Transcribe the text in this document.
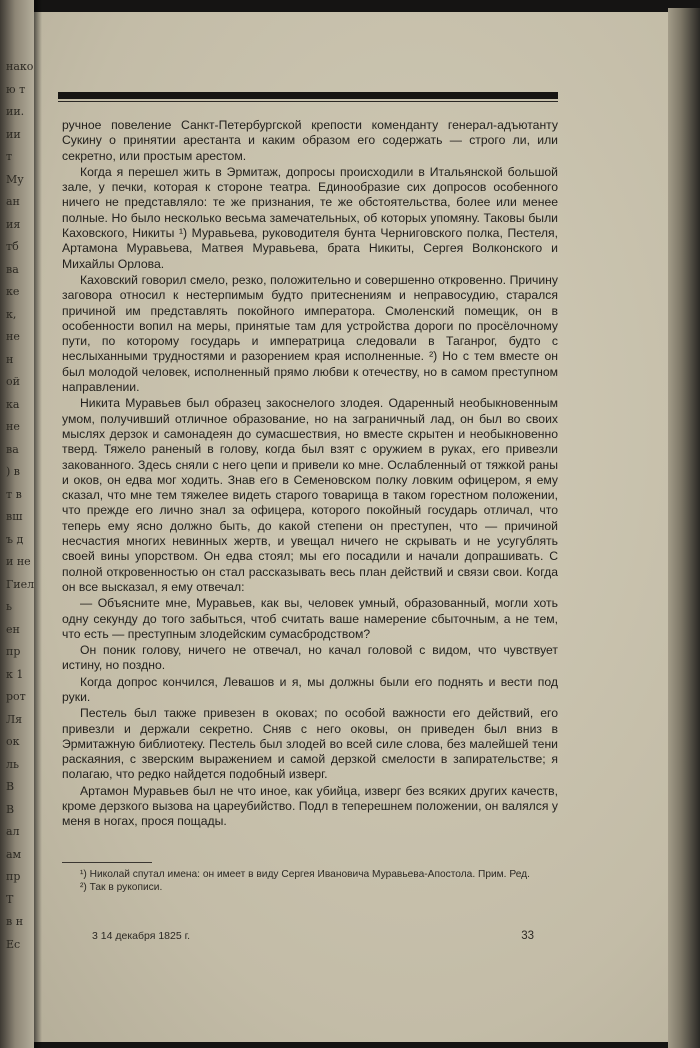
нако
ю т
ии.
ии
т
Му
ан
ия
тб
ва
ке
к,
не
н
ой
ка
не
ва
) в
т в
вш
ъ д
и не
Гиел
ь
ен
пр
к 1
рот
Ля
ок
ль
В
В
ал
ам
пр
Т
в н
Ес

ручное повеление Санкт-Петербургской крепости коменданту генерал-адъютанту Сукину о принятии арестанта и каким образом его содержать — строго ли, или секретно, или простым арестом.

Когда я перешел жить в Эрмитаж, допросы происходили в Итальянской большой зале, у печки, которая к стороне театра. Единообразие сих допросов особенного ничего не представляло: те же признания, те же обстоятельства, более или менее полные. Но было несколько весьма замечательных, об которых упомяну. Таковы были Каховского, Никиты ¹) Муравьева, руководителя бунта Черниговского полка, Пестеля, Артамона Муравьева, Матвея Муравьева, брата Никиты, Сергея Волконского и Михайлы Орлова.

Каховский говорил смело, резко, положительно и совершенно откровенно. Причину заговора относил к нестерпимым будто притеснениям и неправосудию, старался причиной им представлять покойного императора. Смоленский помещик, он в особенности вопил на меры, принятые там для устройства дороги по просёлочному пути, по которому государь и императрица следовали в Таганрог, будто с неслыханными трудностями и разорением края исполненные. ²) Но с тем вместе он был молодой человек, исполненный прямо любви к отечеству, но в самом преступном направлении.

Никита Муравьев был образец закоснелого злодея. Одаренный необыкновенным умом, получивший отличное образование, но на заграничный лад, он был во своих мыслях дерзок и самонадеян до сумасшествия, но вместе скрытен и необыкновенно тверд. Тяжело раненый в голову, когда был взят с оружием в руках, его привезли закованного. Здесь сняли с него цепи и привели ко мне. Ослабленный от тяжкой раны и оков, он едва мог ходить. Знав его в Семеновском полку ловким офицером, я ему сказал, что мне тем тяжелее видеть старого товарища в таком горестном положении, что прежде его лично знал за офицера, которого покойный государь отличал, что теперь ему ясно должно быть, до какой степени он преступен, что — причиной несчастия многих невинных жертв, и увещал ничего не скрывать и не усугублять своей вины упорством. Он едва стоял; мы его посадили и начали допрашивать. С полной откровенностью он стал рассказывать весь план действий и связи свои. Когда он все высказал, я ему отвечал:

— Объясните мне, Муравьев, как вы, человек умный, образованный, могли хоть одну секунду до того забыться, чтоб считать ваше намерение сбыточным, а не тем, что есть — преступным злодейским сумасбродством?

Он поник голову, ничего не отвечал, но качал головой с видом, что чувствует истину, но поздно.

Когда допрос кончился, Левашов и я, мы должны были его поднять и вести под руки.

Пестель был также привезен в оковах; по особой важности его действий, его привезли и держали секретно. Сняв с него оковы, он приведен был вниз в Эрмитажную библиотеку. Пестель был злодей во всей силе слова, без малейшей тени раскаяния, с зверским выражением и самой дерзкой смелости в запирательстве; я полагаю, что редко найдется подобный изверг.

Артамон Муравьев был не что иное, как убийца, изверг без всяких других качеств, кроме дерзкого вызова на цареубийство. Подл в теперешнем положении, он валялся у меня в ногах, прося пощады.

¹) Николай спутал имена: он имеет в виду Сергея Ивановича Муравьева-Апостола. Прим. Ред.

²) Так в рукописи.

3 14 декабря 1825 г.	33
